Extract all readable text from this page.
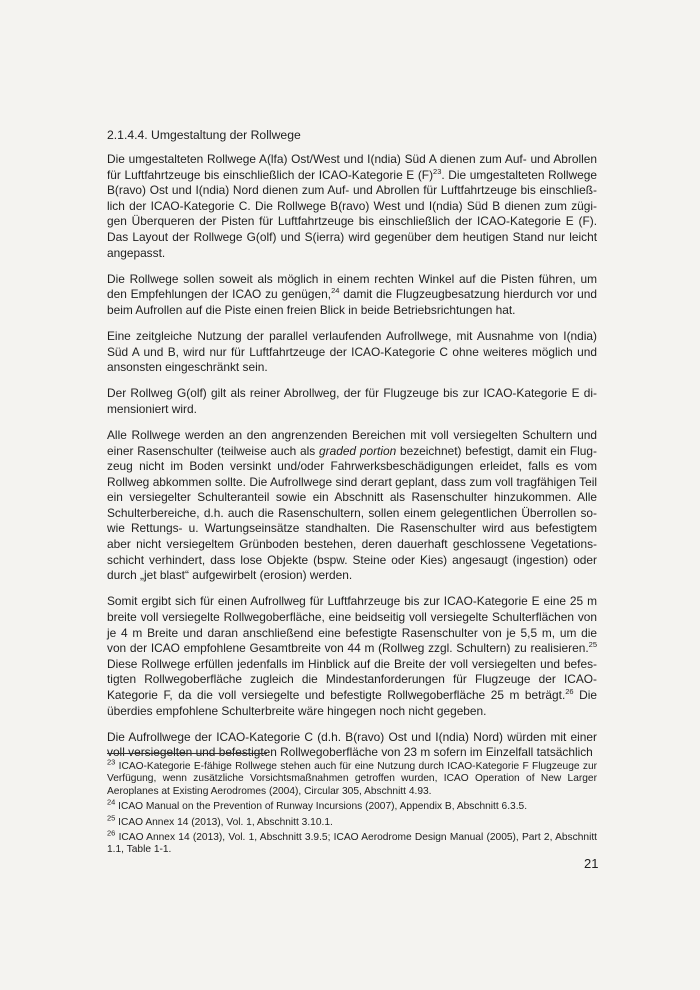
2.1.4.4. Umgestaltung der Rollwege

Die umgestalteten Rollwege A(lfa) Ost/West und I(ndia) Süd A dienen zum Auf- und Abrollen für Luftfahrtzeuge bis einschließlich der ICAO-Kategorie E $(F)^{23}$. Die umgestalteten Rollwege B(ravo) Ost und I(ndia) Nord dienen zum Auf- und Abrollen für Luftfahrtzeuge bis einschließlich der ICAO-Kategorie C. Die Rollwege B(ravo) West und I(ndia) Süd B dienen zum zügigen Überqueren der Pisten für Luftfahrtzeuge bis einschließlich der ICAO-Kategorie E (F). Das Layout der Rollwege G(olf) und S(ierra) wird gegenüber dem heutigen Stand nur leicht angepasst.

Die Rollwege sollen soweit als möglich in einem rechten Winkel auf die Pisten führen, um den Empfehlungen der ICAO zu genügen,$^{24}$ damit die Flugzeugbesatzung hierdurch vor und beim Aufrollen auf die Piste einen freien Blick in beide Betriebsrichtungen hat.

Eine zeitgleiche Nutzung der parallel verlaufenden Aufrollwege, mit Ausnahme von I(ndia) Süd A und B, wird nur für Luftfahrtzeuge der ICAO-Kategorie C ohne weiteres möglich und ansonsten eingeschränkt sein.

Der Rollweg G(olf) gilt als reiner Abrollweg, der für Flugzeuge bis zur ICAO-Kategorie E dimensioniert wird.

Alle Rollwege werden an den angrenzenden Bereichen mit voll versiegelten Schultern und einer Rasenschulter (teilweise auch als graded portion bezeichnet) befestigt, damit ein Flugzeug nicht im Boden versinkt und/oder Fahrwerksbeschädigungen erleidet, falls es vom Rollweg abkommen sollte. Die Aufrollwege sind derart geplant, dass zum voll tragfähigen Teil ein versiegelter Schulteranteil sowie ein Abschnitt als Rasenschulter hinzukommen. Alle Schulterbereiche, d.h. auch die Rasenschultern, sollen einem gelegentlichen Überrollen sowie Rettungs- u. Wartungseinsätze standhalten. Die Rasenschulter wird aus befestigtem aber nicht versiegeltem Grünboden bestehen, deren dauerhaft geschlossene Vegetationsschicht verhindert, dass lose Objekte (bspw. Steine oder Kies) angesaugt (ingestion) oder durch „jet blast“ aufgewirbelt (erosion) werden.

Somit ergibt sich für einen Aufrollweg für Luftfahrzeuge bis zur ICAO-Kategorie E eine 25 m breite voll versiegelte Rollwegoberfläche, eine beidseitig voll versiegelte Schulterflächen von je 4 m Breite und daran anschließend eine befestigte Rasenschulter von je 5,5 m, um die von der ICAO empfohlene Gesamtbreite von 44 m (Rollweg zzgl. Schultern) zu realisieren.$^{25}$ Diese Rollwege erfüllen jedenfalls im Hinblick auf die Breite der voll versiegelten und befestigten Rollwegoberfläche zugleich die Mindestanforderungen für Flugzeuge der ICAO-Kategorie F, da die voll versiegelte und befestigte Rollwegoberfläche 25 m beträgt.$^{26}$ Die überdies empfohlene Schulterbreite wäre hingegen noch nicht gegeben.

Die Aufrollwege der ICAO-Kategorie C (d.h. B(ravo) Ost und I(ndia) Nord) würden mit einer voll versiegelten und befestigten Rollwegoberfläche von 23 m sofern im Einzelfall tatsächlich

$^{23}$ ICAO-Kategorie E-fähige Rollwege stehen auch für eine Nutzung durch ICAO-Kategorie F Flugzeuge zur Verfügung, wenn zusätzliche Vorsichtsmaßnahmen getroffen wurden, ICAO Operation of New Larger Aeroplanes at Existing Aerodromes (2004), Circular 305, Abschnitt 4.93.

$^{24}$ ICAO Manual on the Prevention of Runway Incursions (2007), Appendix B, Abschnitt 6.3.5.

$^{25}$ ICAO Annex 14 (2013), Vol. 1, Abschnitt 3.10.1.

$^{26}$ ICAO Annex 14 (2013), Vol. 1, Abschnitt 3.9.5; ICAO Aerodrome Design Manual (2005), Part 2, Abschnitt 1.1, Table 1-1.

21
